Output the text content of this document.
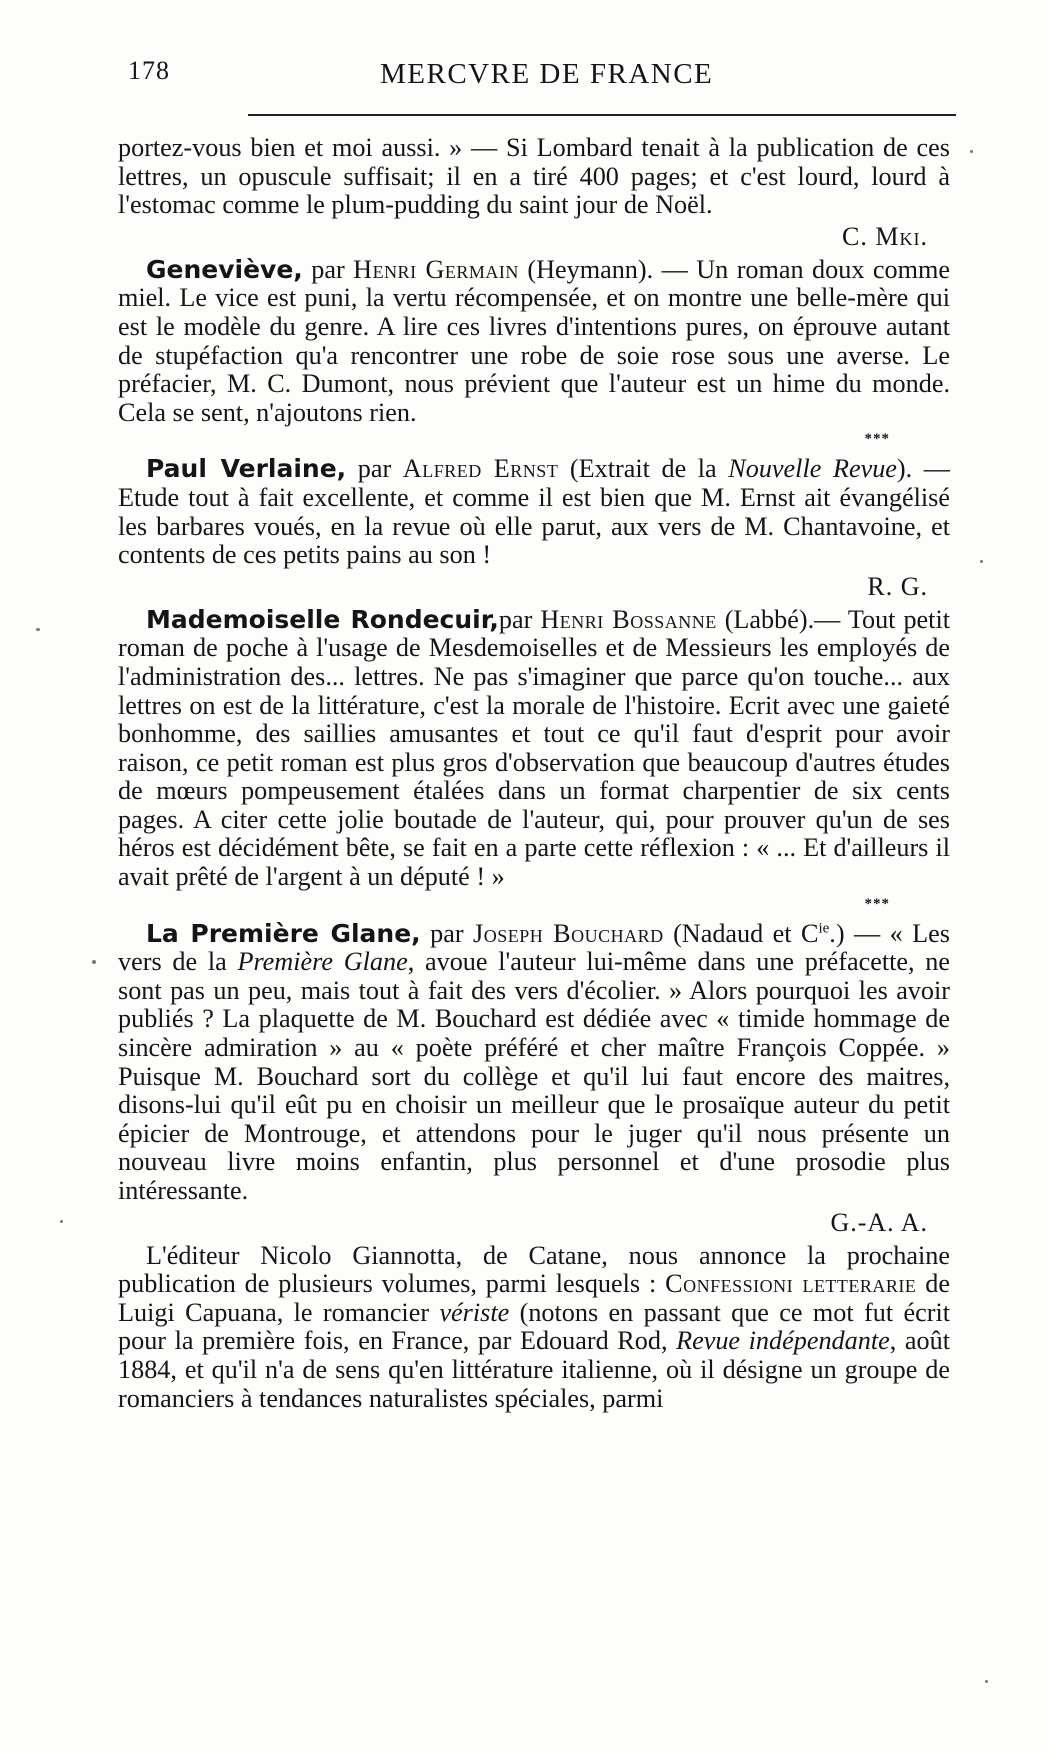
178	MERCVRE DE FRANCE

portez-vous bien et moi aussi. » — Si Lombard tenait à la publication de ces lettres, un opuscule suffisait; il en a tiré 400 pages; et c'est lourd, lourd à l'estomac comme le plum-pudding du saint jour de Noël.

C. Mki.

Geneviève, par Henri Germain (Heymann). — Un roman doux comme miel. Le vice est puni, la vertu récompensée, et on montre une belle-mère qui est le modèle du genre. A lire ces livres d'intentions pures, on éprouve autant de stupéfaction qu'a rencontrer une robe de soie rose sous une averse. Le préfacier, M. C. Dumont, nous prévient que l'auteur est un hime du monde. Cela se sent, n'ajoutons rien.

***

Paul Verlaine, par Alfred Ernst (Extrait de la Nouvelle Revue). — Etude tout à fait excellente, et comme il est bien que M. Ernst ait évangélisé les barbares voués, en la revue où elle parut, aux vers de M. Chantavoine, et contents de ces petits pains au son !

R. G.

Mademoiselle Rondecuir,par Henri Bossanne (Labbé).— Tout petit roman de poche à l'usage de Mesdemoiselles et de Messieurs les employés de l'administration des... lettres. Ne pas s'imaginer que parce qu'on touche... aux lettres on est de la littérature, c'est la morale de l'histoire. Ecrit avec une gaieté bonhomme, des saillies amusantes et tout ce qu'il faut d'esprit pour avoir raison, ce petit roman est plus gros d'observation que beaucoup d'autres études de mœurs pompeusement étalées dans un format charpentier de six cents pages. A citer cette jolie boutade de l'auteur, qui, pour prouver qu'un de ses héros est décidément bête, se fait en a parte cette réflexion : « ... Et d'ailleurs il avait prêté de l'argent à un député ! »

***

La Première Glane, par Joseph Bouchard (Nadaud et $C^{ie}$.) — « Les vers de la Première Glane, avoue l'auteur lui-même dans une préfacette, ne sont pas un peu, mais tout à fait des vers d'écolier. » Alors pourquoi les avoir publiés ? La plaquette de M. Bouchard est dédiée avec « timide hommage de sincère admiration » au « poète préféré et cher maître François Coppée. » Puisque M. Bouchard sort du collège et qu'il lui faut encore des maitres, disons-lui qu'il eût pu en choisir un meilleur que le prosaïque auteur du petit épicier de Montrouge, et attendons pour le juger qu'il nous présente un nouveau livre moins enfantin, plus personnel et d'une prosodie plus intéressante.

G.-A. A.

L'éditeur Nicolo Giannotta, de Catane, nous annonce la prochaine publication de plusieurs volumes, parmi lesquels : Confessioni letterarie de Luigi Capuana, le romancier vériste (notons en passant que ce mot fut écrit pour la première fois, en France, par Edouard Rod, Revue indépendante, août 1884, et qu'il n'a de sens qu'en littérature italienne, où il désigne un groupe de romanciers à tendances naturalistes spéciales, parmi
